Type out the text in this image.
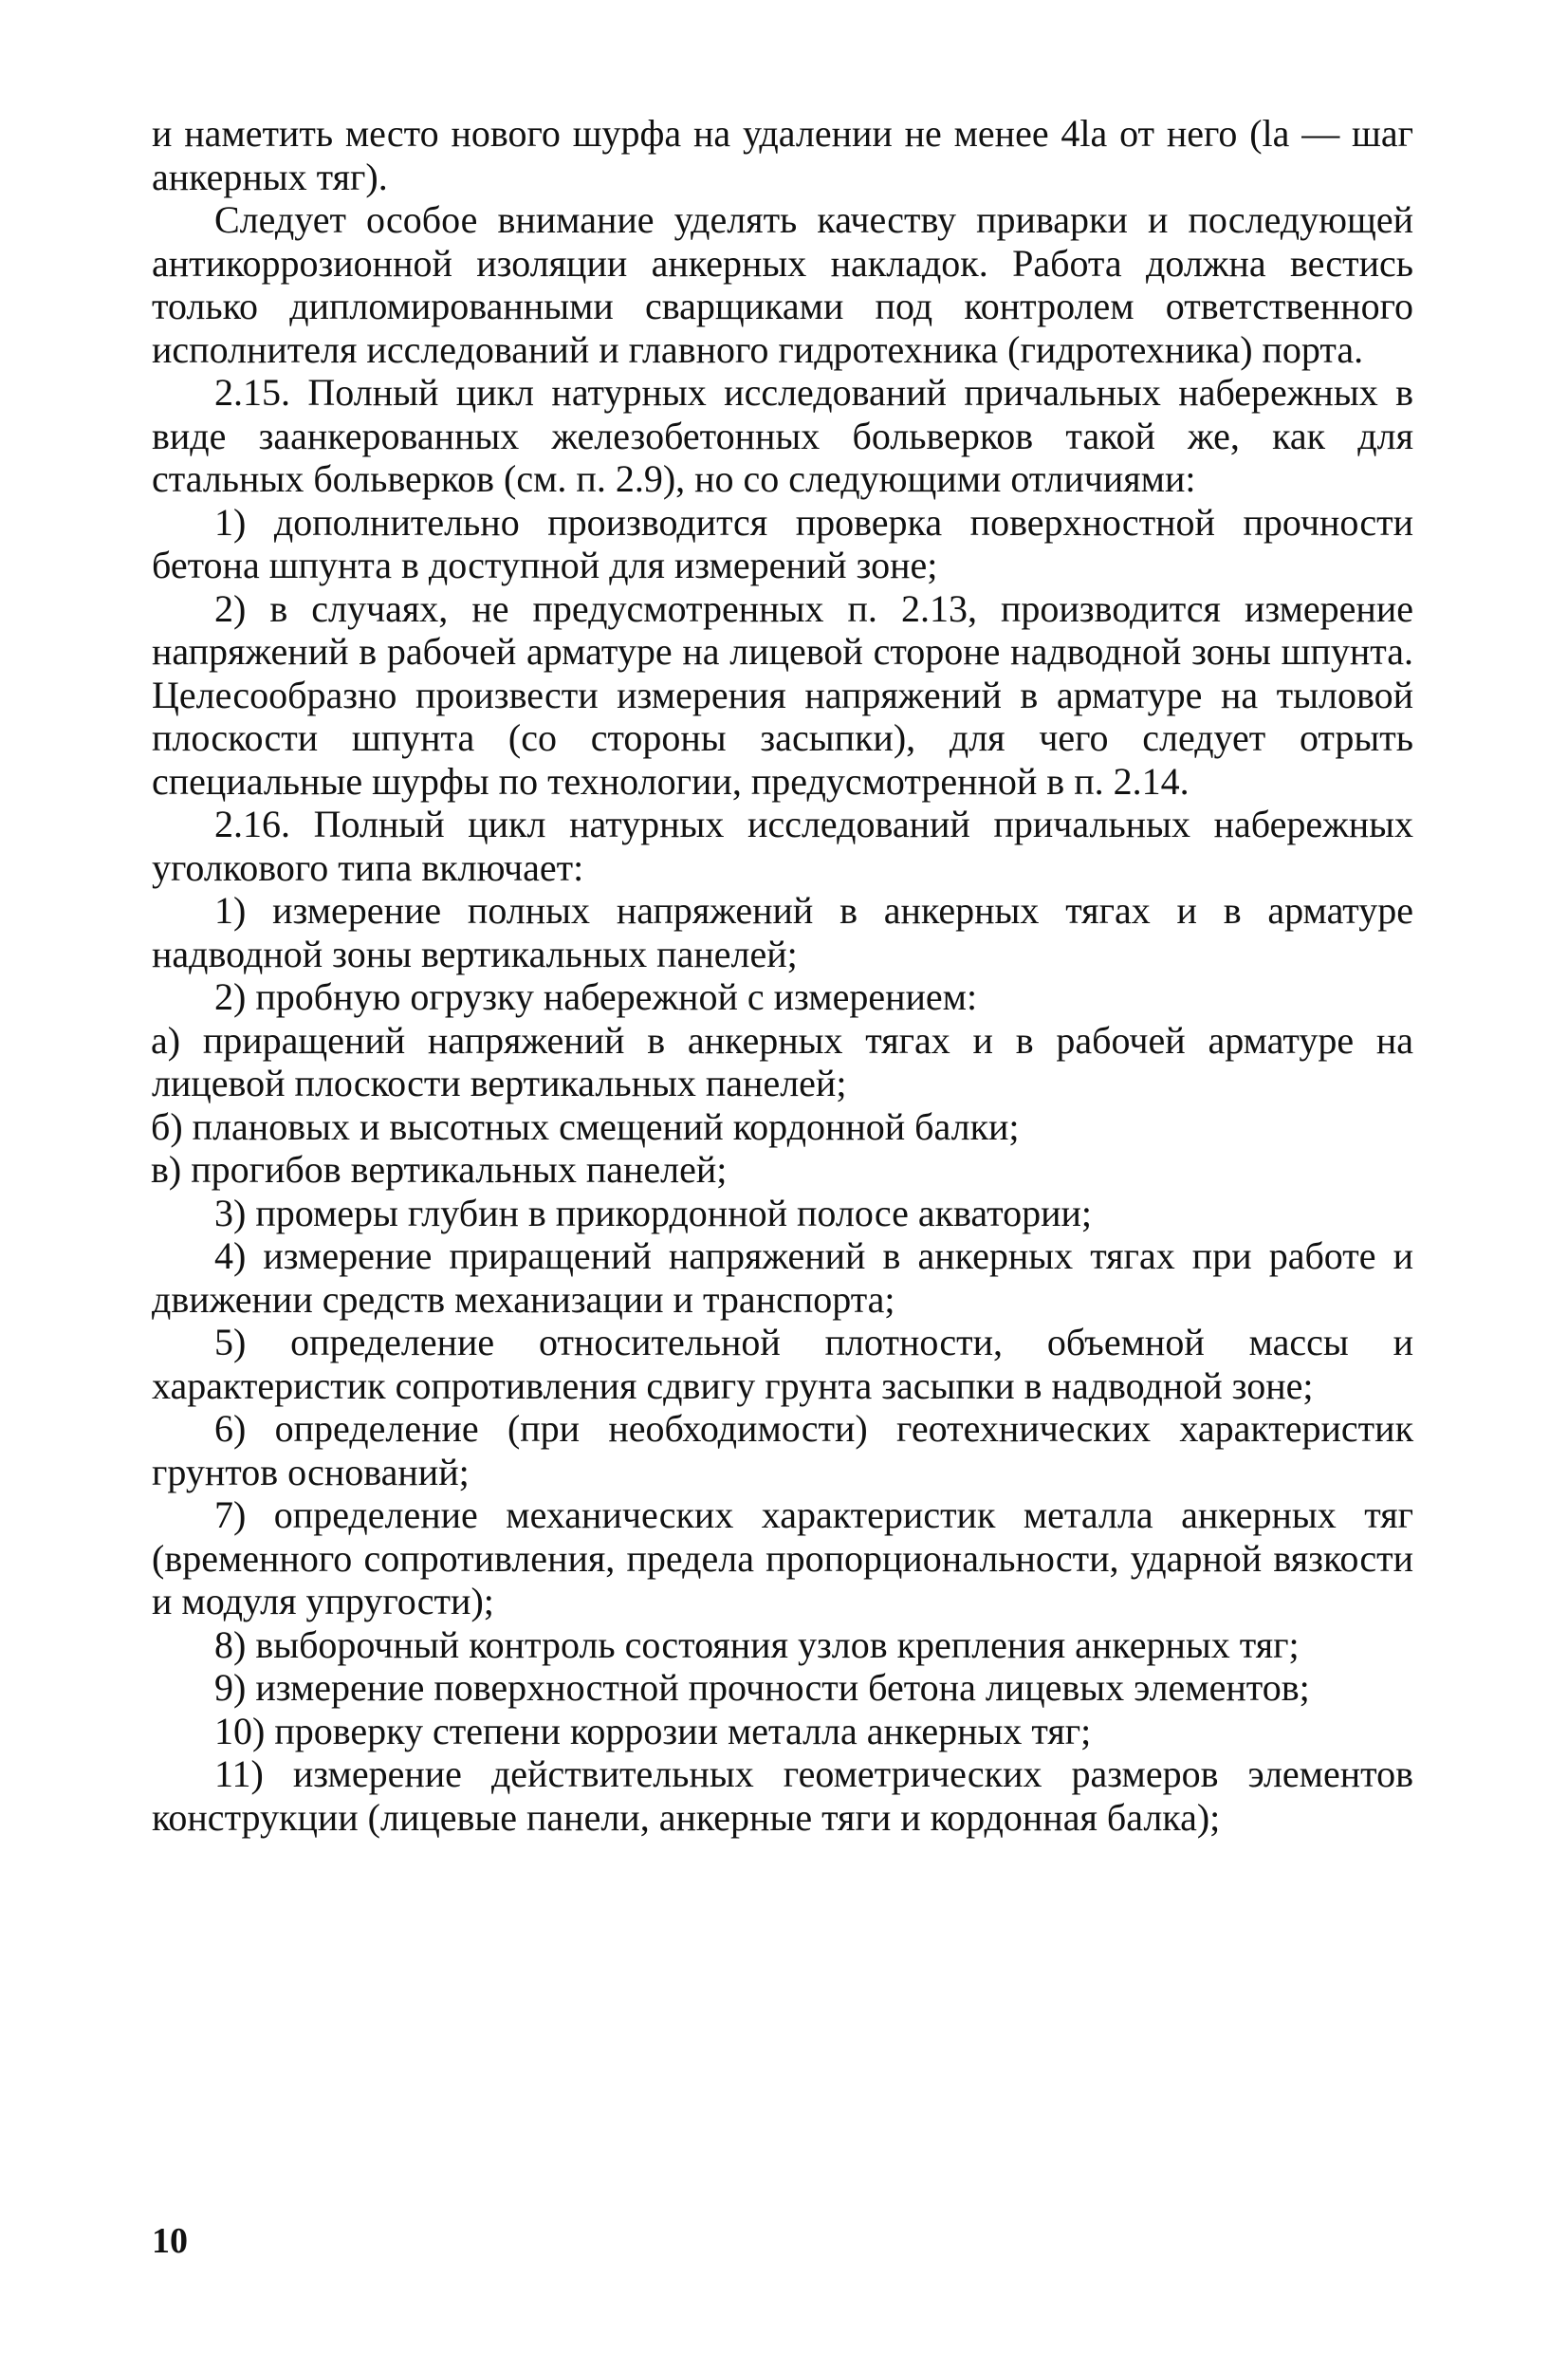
и наметить место нового шурфа на удалении не менее 4lа от него (lа — шаг анкерных тяг).

Следует особое внимание уделять качеству приварки и последующей антикоррозионной изоляции анкерных накладок. Работа должна вестись только дипломированными сварщиками под контролем ответственного исполнителя исследований и главного гидротехника (гидротехника) порта.

2.15. Полный цикл натурных исследований причальных набережных в виде заанкерованных железобетонных больверков такой же, как для стальных больверков (см. п. 2.9), но со следующими отличиями:

1) дополнительно производится проверка поверхностной прочности бетона шпунта в доступной для измерений зоне;

2) в случаях, не предусмотренных п. 2.13, производится измерение напряжений в рабочей арматуре на лицевой стороне надводной зоны шпунта. Целесообразно произвести измерения напряжений в арматуре на тыловой плоскости шпунта (со стороны засыпки), для чего следует отрыть специальные шурфы по технологии, предусмотренной в п. 2.14.

2.16. Полный цикл натурных исследований причальных набережных уголкового типа включает:

1) измерение полных напряжений в анкерных тягах и в арматуре надводной зоны вертикальных панелей;

2) пробную огрузку набережной с измерением:

а) приращений напряжений в анкерных тягах и в рабочей арматуре на лицевой плоскости вертикальных панелей;

б) плановых и высотных смещений кордонной балки;

в) прогибов вертикальных панелей;

3) промеры глубин в прикордонной полосе акватории;

4) измерение приращений напряжений в анкерных тягах при работе и движении средств механизации и транспорта;

5) определение относительной плотности, объемной массы и характеристик сопротивления сдвигу грунта засыпки в надводной зоне;

6) определение (при необходимости) геотехнических характеристик грунтов оснований;

7) определение механических характеристик металла анкерных тяг (временного сопротивления, предела пропорциональности, ударной вязкости и модуля упругости);

8) выборочный контроль состояния узлов крепления анкерных тяг;

9) измерение поверхностной прочности бетона лицевых элементов;

10) проверку степени коррозии металла анкерных тяг;

11) измерение действительных геометрических размеров элементов конструкции (лицевые панели, анкерные тяги и кордонная балка);

10
